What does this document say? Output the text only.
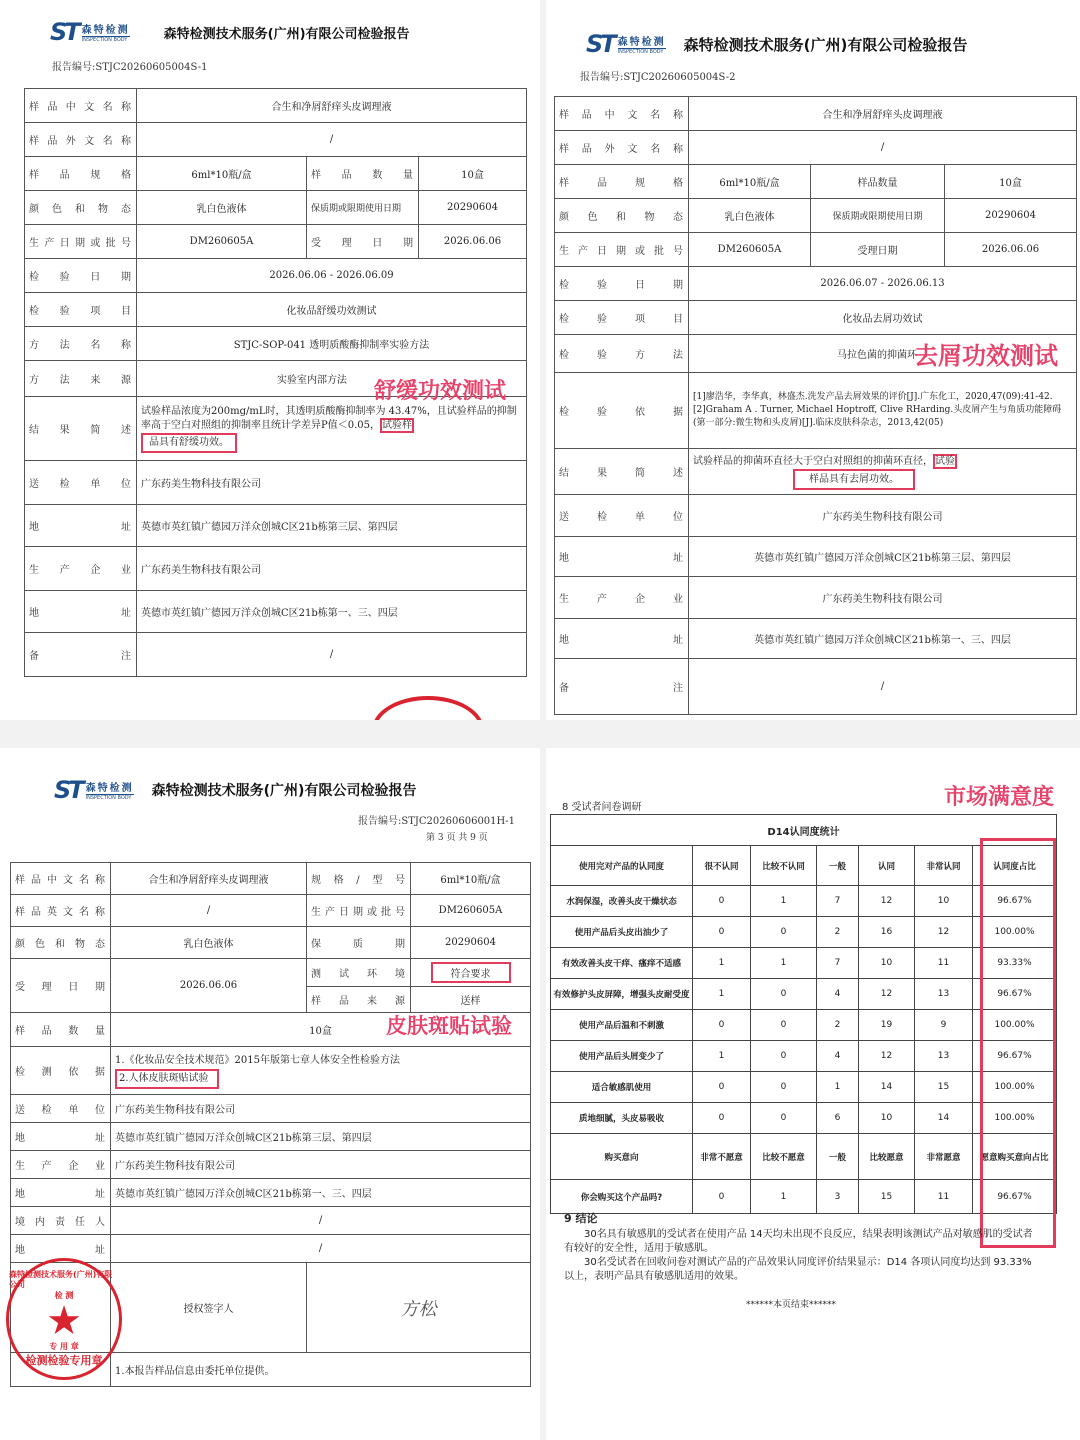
ST 森特检测
INSPECTION BODY	森特检测技术服务(广州)有限公司检验报告
报告编号:STJC20260605004S-1
样品中文名称	合生和净屑舒痒头皮调理液		
样品外文名称	/		
样品规格	6ml*10瓶/盒	样品数量	10盒
颜色和物态	乳白色液体	保质期或限期使用日期	20290604
生产日期或批号	DM260605A	受理日期	2026.06.06
检验日期	2026.06.06 - 2026.06.09		
检验项目	化妆品舒缓功效测试		
方法名称	STJC-SOP-041 透明质酸酶抑制率实验方法		
方法来源	实验室内部方法		
结果简述	试验样品浓度为200mg/mL时，其透明质酸酶抑制率为 43.47%，且试验样品的抑制率高于空白对照组的抑制率且统计学差异P值＜0.05， 试验样
品具有舒缓功效。		
送检单位	广东药美生物科技有限公司		
地址	英德市英红镇广德园万洋众创城C区21b栋第三层、第四层		
生产企业	广东药美生物科技有限公司		
地址	英德市英红镇广德园万洋众创城C区21b栋第一、三、四层		
备注	/		
舒缓功效测试
ST 森特检测
INSPECTION BODY 森特检测技术服务(广州)有限公司检验报告
报告编号:STJC20260605004S-2
样品中文名称	合生和净屑舒痒头皮调理液		
样品外文名称	/		
样品规格	6ml*10瓶/盒	样品数量	10盒
颜色和物态	乳白色液体	保质期或限期使用日期	20290604
生产日期或批号	DM260605A	受理日期	2026.06.06
检验日期	2026.06.07 - 2026.06.13		
检验项目	化妆品去屑功效试		
检验方法	马拉色菌的抑菌环		
检验依据	[1]廖浩华，李华真，林盛杰.洗发产品去屑效果的评价[J].广东化工，2020,47(09):41-42.
[2]Graham A . Turner, Michael Hoptroff, Clive RHarding.头皮屑产生与角质功能障碍(第一部分:微生物和头皮屑)[J].临床皮肤科杂志，2013,42(05)		

结果简述	试验样品的抑菌环直径大于空白对照组的抑菌环直径， 试验
样品具有去屑功效。		
送检单位	广东药美生物科技有限公司		
地址	英德市英红镇广德园万洋众创城C区21b栋第三层、第四层		
生产企业	广东药美生物科技有限公司		
地址	英德市英红镇广德园万洋众创城C区21b栋第一、三、四层		
备注	/		
去屑功效测试
ST 森特检测
INSPECTION BODY 森特检测技术服务(广州)有限公司检验报告
报告编号:STJC20260606001H-1
第 3 页 共 9 页
样品中文名称	合生和净屑舒痒头皮调理液	规格/型号	6ml*10瓶/盒
样品英文名称	/	生产日期或批号	DM260605A
颜色和物态	乳白色液体	保质期	20290604
受理日期	2026.06.06	测试环境	符合要求
		样品来源	送样
样品数量	10盒		
检测依据	1.《化妆品安全技术规范》2015年版第七章人体安全性检验方法
2.人体皮肤斑贴试验		

送检单位	广东药美生物科技有限公司		
地址	英德市英红镇广德园万洋众创城C区21b栋第三层、第四层		
生产企业	广东药美生物科技有限公司		
地址	英德市英红镇广德园万洋众创城C区21b栋第一、三、四层		
境内责任人	/		
地址	/		
	授权签字人	方松	
	1.本报告样品信息由委托单位提供。		
皮肤斑贴试验
森特检测技术服务(广州)有限公司
检 测
★
专 用 章
检测检验专用章
8 受试者问卷调研	市场满意度
D14认同度统计						
使用完对产品的认同度	很不认同	比较不认同	一般	认同	非常认同	认同度占比
水润保湿，改善头皮干燥状态	0	1	7	12	10	96.67%
使用产品后头皮出油少了	0	0	2	16	12	100.00%
有效改善头皮干痒、瘙痒不适感	1	1	7	10	11	93.33%
有效修护头皮屏障，增强头皮耐受度	1	0	4	12	13	96.67%
使用产品后温和不刺激	0	0	2	19	9	100.00%
使用产品后头屑变少了	1	0	4	12	13	96.67%
适合敏感肌使用	0	0	1	14	15	100.00%
质地细腻，头皮易吸收	0	0	6	10	14	100.00%
购买意向	非常不愿意	比较不愿意	一般	比较愿意	非常愿意	愿意购买意向占比
你会购买这个产品吗?	0	1	3	15	11	96.67%
9 结论
30名具有敏感肌的受试者在使用产品 14天均未出现不良反应，结果表明该测试产品对敏感肌的受试者有较好的安全性，适用于敏感肌。
30名受试者在回收问卷对测试产品的产品效果认同度评价结果显示：D14 各项认同度均达到 93.33%以上，表明产品具有敏感肌适用的效果。
******本页结束******
